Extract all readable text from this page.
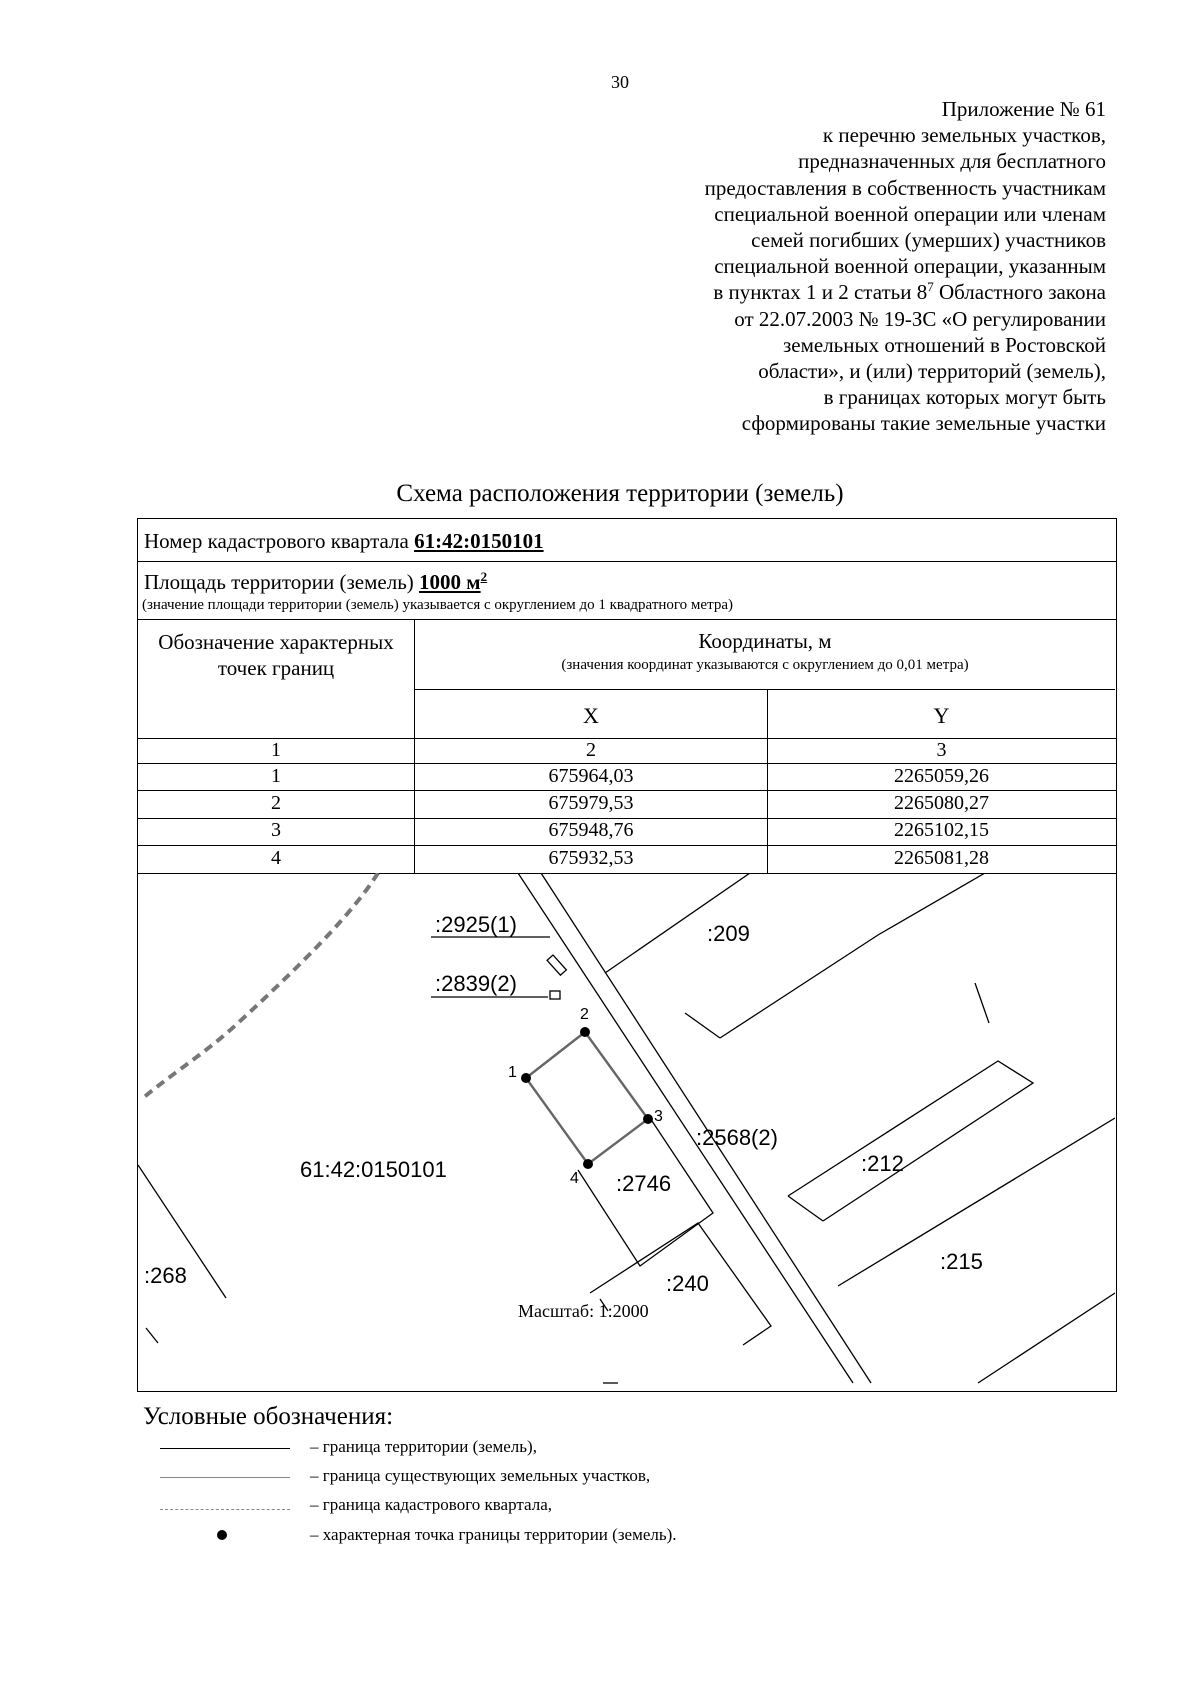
30
Приложение № 61
к перечню земельных участков,
предназначенных для бесплатного
предоставления в собственность участникам
специальной военной операции или членам
семей погибших (умерших) участников
специальной военной операции, указанным
в пунктах 1 и 2 статьи $8^7$ Областного закона
от 22.07.2003 № 19-ЗС «О регулировании
земельных отношений в Ростовской
области», и (или) территорий (земель),
в границах которых могут быть
сформированы такие земельные участки
Схема расположения территории (земель)
Номер кадастрового квартала 61:42:0150101
Площадь территории (земель) 1000 $м^2$
(значение площади территории (земель) указывается с округлением до 1 квадратного метра)
Обозначение характерных точек границ
Координаты, м
(значения координат указываются с округлением до 0,01 метра)
X	Y
1	2	3
1	675964,03	2265059,26
2	675979,53	2265080,27
3	675948,76	2265102,15
4	675932,53	2265081,28
:2925(1)
:2839(2)
:209
:2568(2)
:212
:2746
:215
:240
:268
61:42:0150101
1
2
3
4
Масштаб: 1:2000
Условные обозначения:
– граница территории (земель),
– граница существующих земельных участков,
– граница кадастрового квартала,
– характерная точка границы территории (земель).
